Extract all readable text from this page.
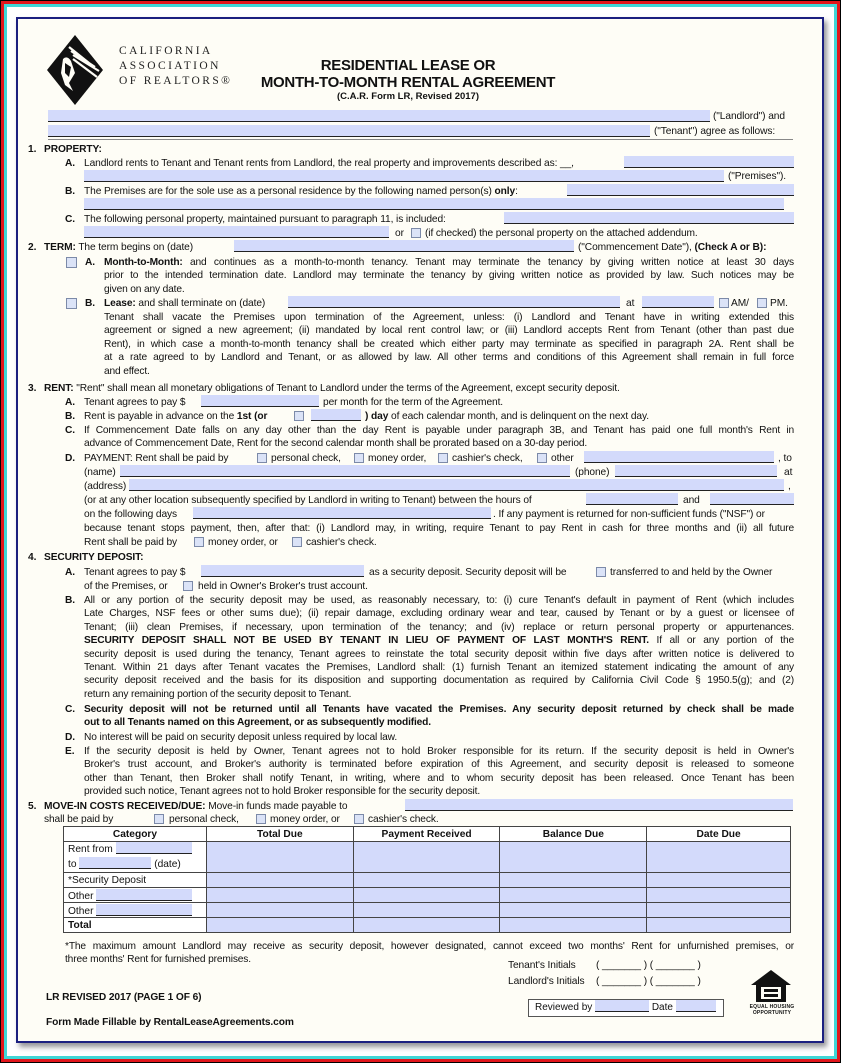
CALIFORNIA
ASSOCIATION
OF REALTORS®
RESIDENTIAL LEASE OR
MONTH-TO-MONTH RENTAL AGREEMENT
(C.A.R. Form LR, Revised 2017)
("Landlord") and
("Tenant") agree as follows:
1. PROPERTY:
A. Landlord rents to Tenant and Tenant rents from Landlord, the real property and improvements described as: __,
("Premises").
B. The Premises are for the sole use as a personal residence by the following named person(s) only:
C. The following personal property, maintained pursuant to paragraph 11, is included:
or (if checked) the personal property on the attached addendum.
2. TERM: The term begins on (date)	("Commencement Date"), (Check A or B):
A. Month-to-Month: and continues as a month-to-month tenancy. Tenant may terminate the tenancy by giving written notice at least 30 days
prior to the intended termination date. Landlord may terminate the tenancy by giving written notice as provided by law. Such notices may be
given on any date.
B. Lease: and shall terminate on (date)	at	AM/ PM.
Tenant shall vacate the Premises upon termination of the Agreement, unless: (i) Landlord and Tenant have in writing extended this
agreement or signed a new agreement; (ii) mandated by local rent control law; or (iii) Landlord accepts Rent from Tenant (other than past due
Rent), in which case a month-to-month tenancy shall be created which either party may terminate as specified in paragraph 2A. Rent shall be
at a rate agreed to by Landlord and Tenant, or as allowed by law. All other terms and conditions of this Agreement shall remain in full force
and effect.
3. RENT: "Rent" shall mean all monetary obligations of Tenant to Landlord under the terms of the Agreement, except security deposit.
A. Tenant agrees to pay $	per month for the term of the Agreement.
B. Rent is payable in advance on the 1st (or	) day of each calendar month, and is delinquent on the next day.
C. If Commencement Date falls on any day other than the day Rent is payable under paragraph 3B, and Tenant has paid one full month's Rent in
advance of Commencement Date, Rent for the second calendar month shall be prorated based on a 30-day period.
D. PAYMENT: Rent shall be paid by	personal check,	money order,	cashier's check,	other	, to
(name)	(phone)	at
(address)	,
(or at any other location subsequently specified by Landlord in writing to Tenant) between the hours of	and
on the following days	. If any payment is returned for non-sufficient funds ("NSF") or
because tenant stops payment, then, after that: (i) Landlord may, in writing, require Tenant to pay Rent in cash for three months and (ii) all future
Rent shall be paid by	money order, or	cashier's check.
4. SECURITY DEPOSIT:
A. Tenant agrees to pay $	as a security deposit. Security deposit will be	transferred to and held by the Owner
of the Premises, or	held in Owner's Broker's trust account.
B. All or any portion of the security deposit may be used, as reasonably necessary, to: (i) cure Tenant's default in payment of Rent (which includes
Late Charges, NSF fees or other sums due); (ii) repair damage, excluding ordinary wear and tear, caused by Tenant or by a guest or licensee of
Tenant; (iii) clean Premises, if necessary, upon termination of the tenancy; and (iv) replace or return personal property or appurtenances.
SECURITY DEPOSIT SHALL NOT BE USED BY TENANT IN LIEU OF PAYMENT OF LAST MONTH'S RENT. If all or any portion of the
security deposit is used during the tenancy, Tenant agrees to reinstate the total security deposit within five days after written notice is delivered to
Tenant. Within 21 days after Tenant vacates the Premises, Landlord shall: (1) furnish Tenant an itemized statement indicating the amount of any
security deposit received and the basis for its disposition and supporting documentation as required by California Civil Code § 1950.5(g); and (2)
return any remaining portion of the security deposit to Tenant.
C. Security deposit will not be returned until all Tenants have vacated the Premises. Any security deposit returned by check shall be made
out to all Tenants named on this Agreement, or as subsequently modified.
D. No interest will be paid on security deposit unless required by local law.
E. If the security deposit is held by Owner, Tenant agrees not to hold Broker responsible for its return. If the security deposit is held in Owner's
Broker's trust account, and Broker's authority is terminated before expiration of this Agreement, and security deposit is released to someone
other than Tenant, then Broker shall notify Tenant, in writing, where and to whom security deposit has been released. Once Tenant has been
provided such notice, Tenant agrees not to hold Broker responsible for the security deposit.
5. MOVE-IN COSTS RECEIVED/DUE: Move-in funds made payable to
shall be paid by	personal check,	money order, or	cashier's check.
Category	Total Due	Payment Received	Balance Due	Date Due
Rent from
to (date)				
*Security Deposit				
Other				
Other				
Total				
*The maximum amount Landlord may receive as security deposit, however designated, cannot exceed two months' Rent for unfurnished premises, or
three months' Rent for furnished premises.
Tenant's Initials ( _______ ) ( _______ )
Landlord's Initials ( _______ ) ( _______ )
LR REVISED 2017 (PAGE 1 OF 6)
Reviewed by	Date	EQUAL HOUSING
OPPORTUNITY
Form Made Fillable by RentalLeaseAgreements.com
